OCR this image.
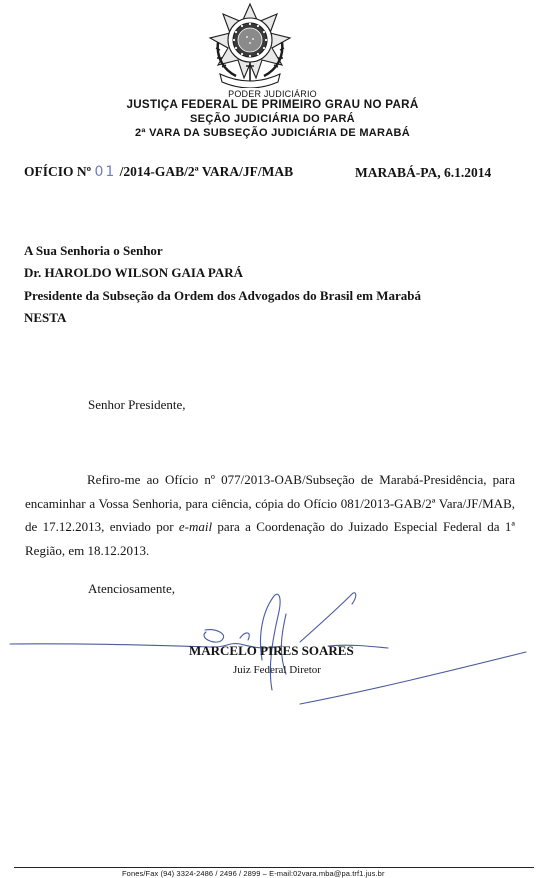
PODER JUDICIÁRIO
JUSTIÇA FEDERAL DE PRIMEIRO GRAU NO PARÁ
SEÇÃO JUDICIÁRIA DO PARÁ
2ª VARA DA SUBSEÇÃO JUDICIÁRIA DE MARABÁ
OFÍCIO Nº 01 /2014-GAB/2ª VARA/JF/MAB	MARABÁ-PA, 6.1.2014
A Sua Senhoria o Senhor
Dr. HAROLDO WILSON GAIA PARÁ
Presidente da Subseção da Ordem dos Advogados do Brasil em Marabá
NESTA
Senhor Presidente,

Refiro-me ao Ofício nº 077/2013-OAB/Subseção de Marabá-Presidência, para encaminhar a Vossa Senhoria, para ciência, cópia do Ofício 081/2013-GAB/2ª Vara/JF/MAB, de 17.12.2013, enviado por e-mail para a Coordenação do Juizado Especial Federal da 1ª Região, em 18.12.2013.

Atenciosamente,
MARCELO PIRES SOARES
Juiz Federal Diretor
Fones/Fax (94) 3324-2486 / 2496 / 2899 – E-mail:02vara.mba@pa.trf1.jus.br
